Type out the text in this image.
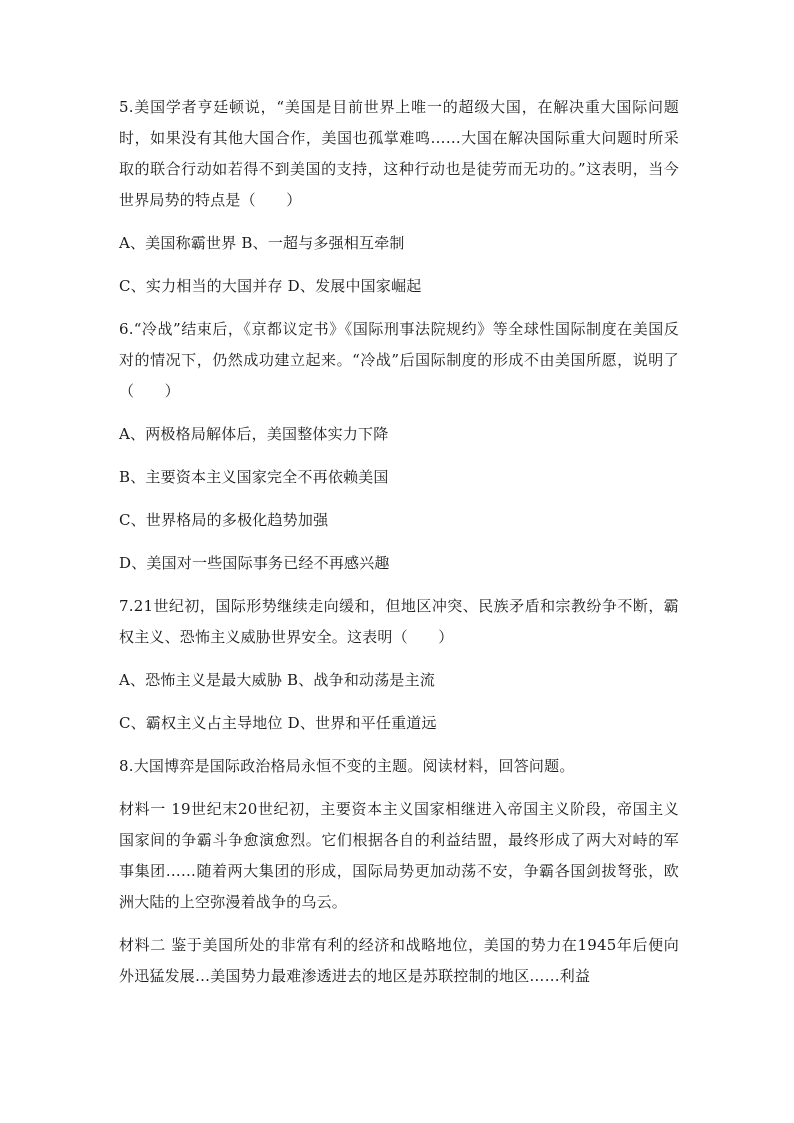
5.美国学者亨廷顿说，“美国是目前世界上唯一的超级大国，在解决重大国际问题时，如果没有其他大国合作，美国也孤掌难鸣……大国在解决国际重大问题时所采取的联合行动如若得不到美国的支持，这种行动也是徒劳而无功的。”这表明，当今世界局势的特点是（　　）

A、美国称霸世界 B、一超与多强相互牵制

C、实力相当的大国并存 D、发展中国家崛起

6.“冷战”结束后，《京都议定书》《国际刑事法院规约》等全球性国际制度在美国反对的情况下，仍然成功建立起来。“冷战”后国际制度的形成不由美国所愿，说明了（　　）

A、两极格局解体后，美国整体实力下降

B、主要资本主义国家完全不再依赖美国

C、世界格局的多极化趋势加强

D、美国对一些国际事务已经不再感兴趣

7.21世纪初，国际形势继续走向缓和，但地区冲突、民族矛盾和宗教纷争不断，霸权主义、恐怖主义威胁世界安全。这表明（　　）

A、恐怖主义是最大威胁 B、战争和动荡是主流

C、霸权主义占主导地位 D、世界和平任重道远

8.大国博弈是国际政治格局永恒不变的主题。阅读材料，回答问题。

材料一 19世纪末20世纪初，主要资本主义国家相继进入帝国主义阶段，帝国主义国家间的争霸斗争愈演愈烈。它们根据各自的利益结盟，最终形成了两大对峙的军事集团……随着两大集团的形成，国际局势更加动荡不安，争霸各国剑拔弩张，欧洲大陆的上空弥漫着战争的乌云。

材料二 鉴于美国所处的非常有利的经济和战略地位，美国的势力在1945年后便向外迅猛发展…美国势力最难渗透进去的地区是苏联控制的地区……利益
